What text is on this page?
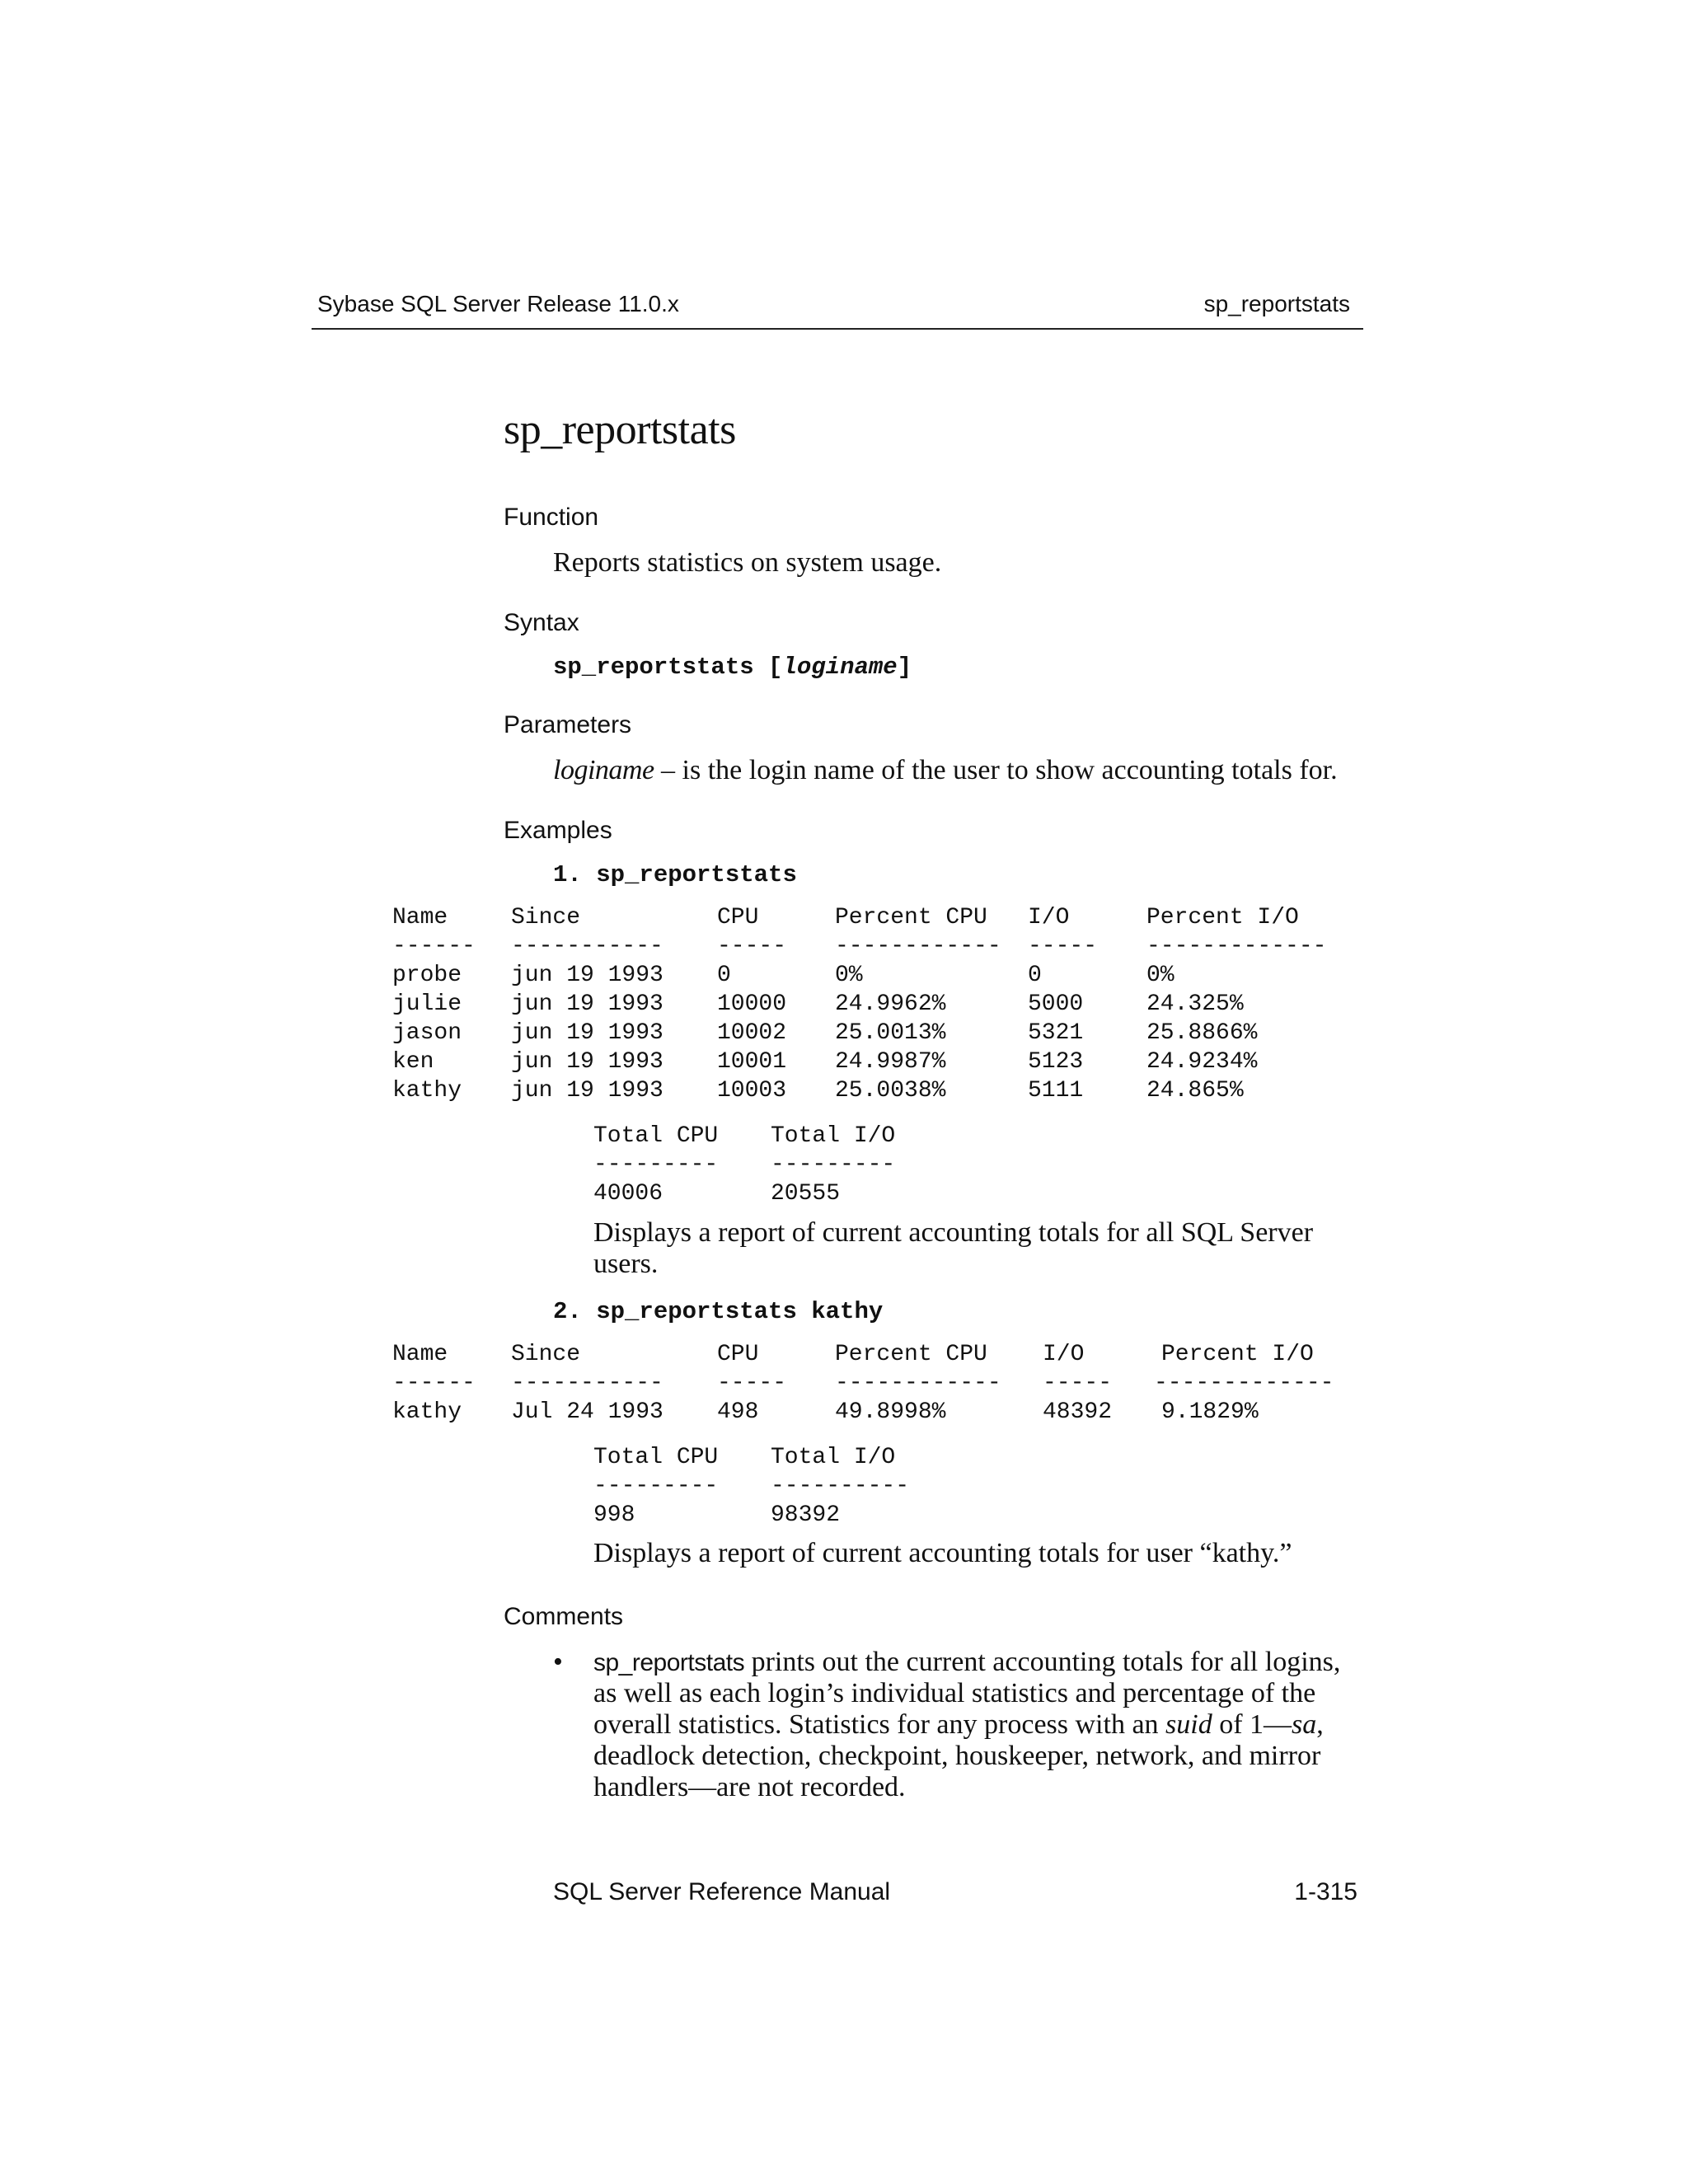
Sybase SQL Server Release 11.0.x	sp_reportstats
sp_reportstats
Function
Reports statistics on system usage.
Syntax
sp_reportstats [loginame]
Parameters
loginame – is the login name of the user to show accounting totals for.
Examples
1. sp_reportstats
Name	Since	CPU	Percent CPU I/O	Percent I/O
------ ----------- ----- ------------ ----- -------------
probe jun 19 1993 0	0%	0	0%
julie jun 19 1993 10000 24.9962%	5000	24.325%
jason jun 19 1993 10002 25.0013%	5321	25.8866%
ken	jun 19 1993 10001 24.9987%	5123	24.9234%
kathy jun 19 1993 10003 25.0038%	5111	24.865%
Total CPU Total I/O
--------- ---------
40006	20555
Displays a report of current accounting totals for all SQL Server
users.
2. sp_reportstats kathy
Name	Since	CPU	Percent CPU I/O	Percent I/O
------ ----------- ----- ------------ ----- -------------
kathy Jul 24 1993 498	49.8998%	48392 9.1829%
Total CPU Total I/O
--------- ----------
998	98392
Displays a report of current accounting totals for user “kathy.”
Comments
• sp_reportstats prints out the current accounting totals for all logins,
as well as each login’s individual statistics and percentage of the
overall statistics. Statistics for any process with an suid of 1—sa,
deadlock detection, checkpoint, houskeeper, network, and mirror
handlers—are not recorded.
SQL Server Reference Manual	1-315
